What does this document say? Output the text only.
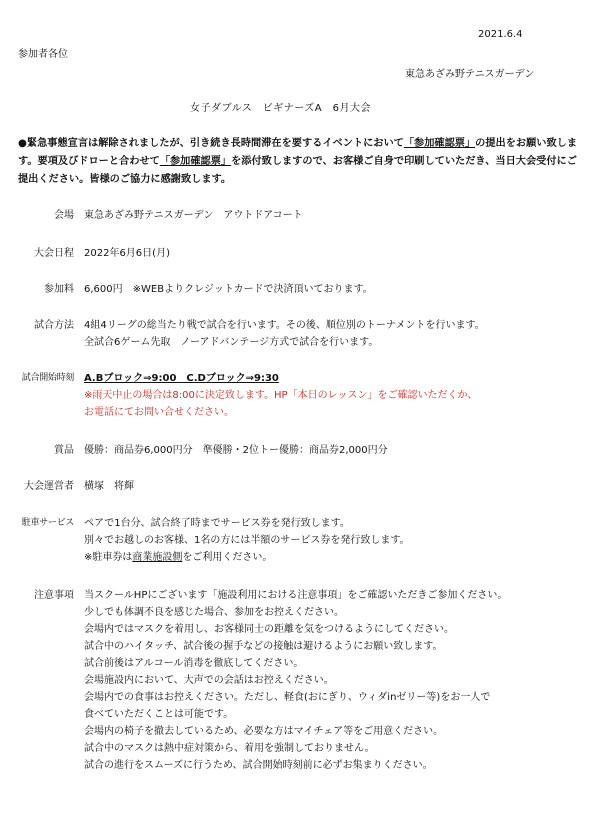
2021.6.4
参加者各位
東急あざみ野テニスガーデン
女子ダブルス　ビギナーズA　6月大会
●緊急事態宣言は解除されましたが、引き続き長時間滞在を要するイベントにおいて「参加確認票」の提出をお願い致します。要項及びドローと合わせて「参加確認票」を添付致しますので、お客様ご自身で印刷していただき、当日大会受付にご提出ください。皆様のご協力に感謝致します。
会場 東急あざみ野テニスガーデン　アウトドアコート
大会日程 2022年6月6日(月)
参加料 6,600円　※WEBよりクレジットカードで決済頂いております。
試合方法 4組4リーグの総当たり戦で試合を行います。その後、順位別のトーナメントを行います。
全試合6ゲーム先取　ノーアドバンテージ方式で試合を行います。
試合開始時刻 A.Bブロック⇒9:00　C.Dブロック⇒9:30
※雨天中止の場合は8:00に決定致します。HP「本日のレッスン」をご確認いただくか、
お電話にてお問い合せください。
賞品 優勝：商品券6,000円分　準優勝・2位トー優勝：商品券2,000円分
大会運営者 横塚　将輝
駐車サービス ペアで1台分、試合終了時までサービス券を発行致します。
別々でお越しのお客様、1名の方には半額のサービス券を発行致します。
※駐車券は商業施設側をご利用ください。
注意事項 当スクールHPにございます「施設利用における注意事項」をご確認いただきご参加ください。
少しでも体調不良を感じた場合、参加をお控えください。
会場内ではマスクを着用し、お客様同士の距離を気をつけるようにしてください。
試合中のハイタッチ、試合後の握手などの接触は避けるようにお願い致します。
試合前後はアルコール消毒を徹底してください。
会場施設内において、大声での会話はお控えください。
会場内での食事はお控えください。ただし、軽食(おにぎり、ウィダinゼリー等)をお一人で
食べていただくことは可能です。
会場内の椅子を撤去しているため、必要な方はマイチェア等をご用意ください。
試合中のマスクは熱中症対策から、着用を強制しておりません。
試合の進行をスムーズに行うため、試合開始時刻前に必ずお集まりください。
